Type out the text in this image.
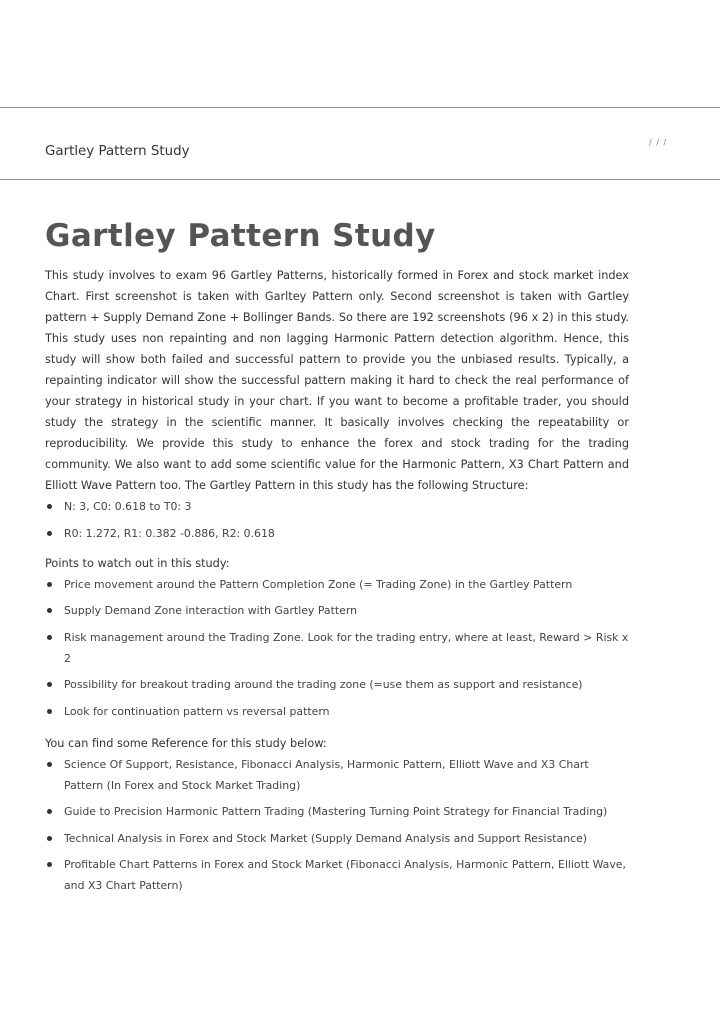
Gartley Pattern Study
/ / /
Gartley Pattern Study

This study involves to exam 96 Gartley Patterns, historically formed in Forex and stock market index Chart. First screenshot is taken with Garltey Pattern only. Second screenshot is taken with Gartley pattern + Supply Demand Zone + Bollinger Bands. So there are 192 screenshots (96 x 2) in this study. This study uses non repainting and non lagging Harmonic Pattern detection algorithm. Hence, this study will show both failed and successful pattern to provide you the unbiased results. Typically, a repainting indicator will show the successful pattern making it hard to check the real performance of your strategy in historical study in your chart. If you want to become a profitable trader, you should study the strategy in the scientific manner. It basically involves checking the repeatability or reproducibility. We provide this study to enhance the forex and stock trading for the trading community. We also want to add some scientific value for the Harmonic Pattern, X3 Chart Pattern and Elliott Wave Pattern too. The Gartley Pattern in this study has the following Structure:

N: 3, C0: 0.618 to T0: 3
R0: 1.272, R1: 0.382 -0.886, R2: 0.618

Points to watch out in this study:

Price movement around the Pattern Completion Zone (= Trading Zone) in the Gartley Pattern
Supply Demand Zone interaction with Gartley Pattern
Risk management around the Trading Zone. Look for the trading entry, where at least, Reward > Risk x 2
Possibility for breakout trading around the trading zone (=use them as support and resistance)
Look for continuation pattern vs reversal pattern

You can find some Reference for this study below:

Science Of Support, Resistance, Fibonacci Analysis, Harmonic Pattern, Elliott Wave and X3 Chart Pattern (In Forex and Stock Market Trading)
Guide to Precision Harmonic Pattern Trading (Mastering Turning Point Strategy for Financial Trading)
Technical Analysis in Forex and Stock Market (Supply Demand Analysis and Support Resistance)
Profitable Chart Patterns in Forex and Stock Market (Fibonacci Analysis, Harmonic Pattern, Elliott Wave, and X3 Chart Pattern)
